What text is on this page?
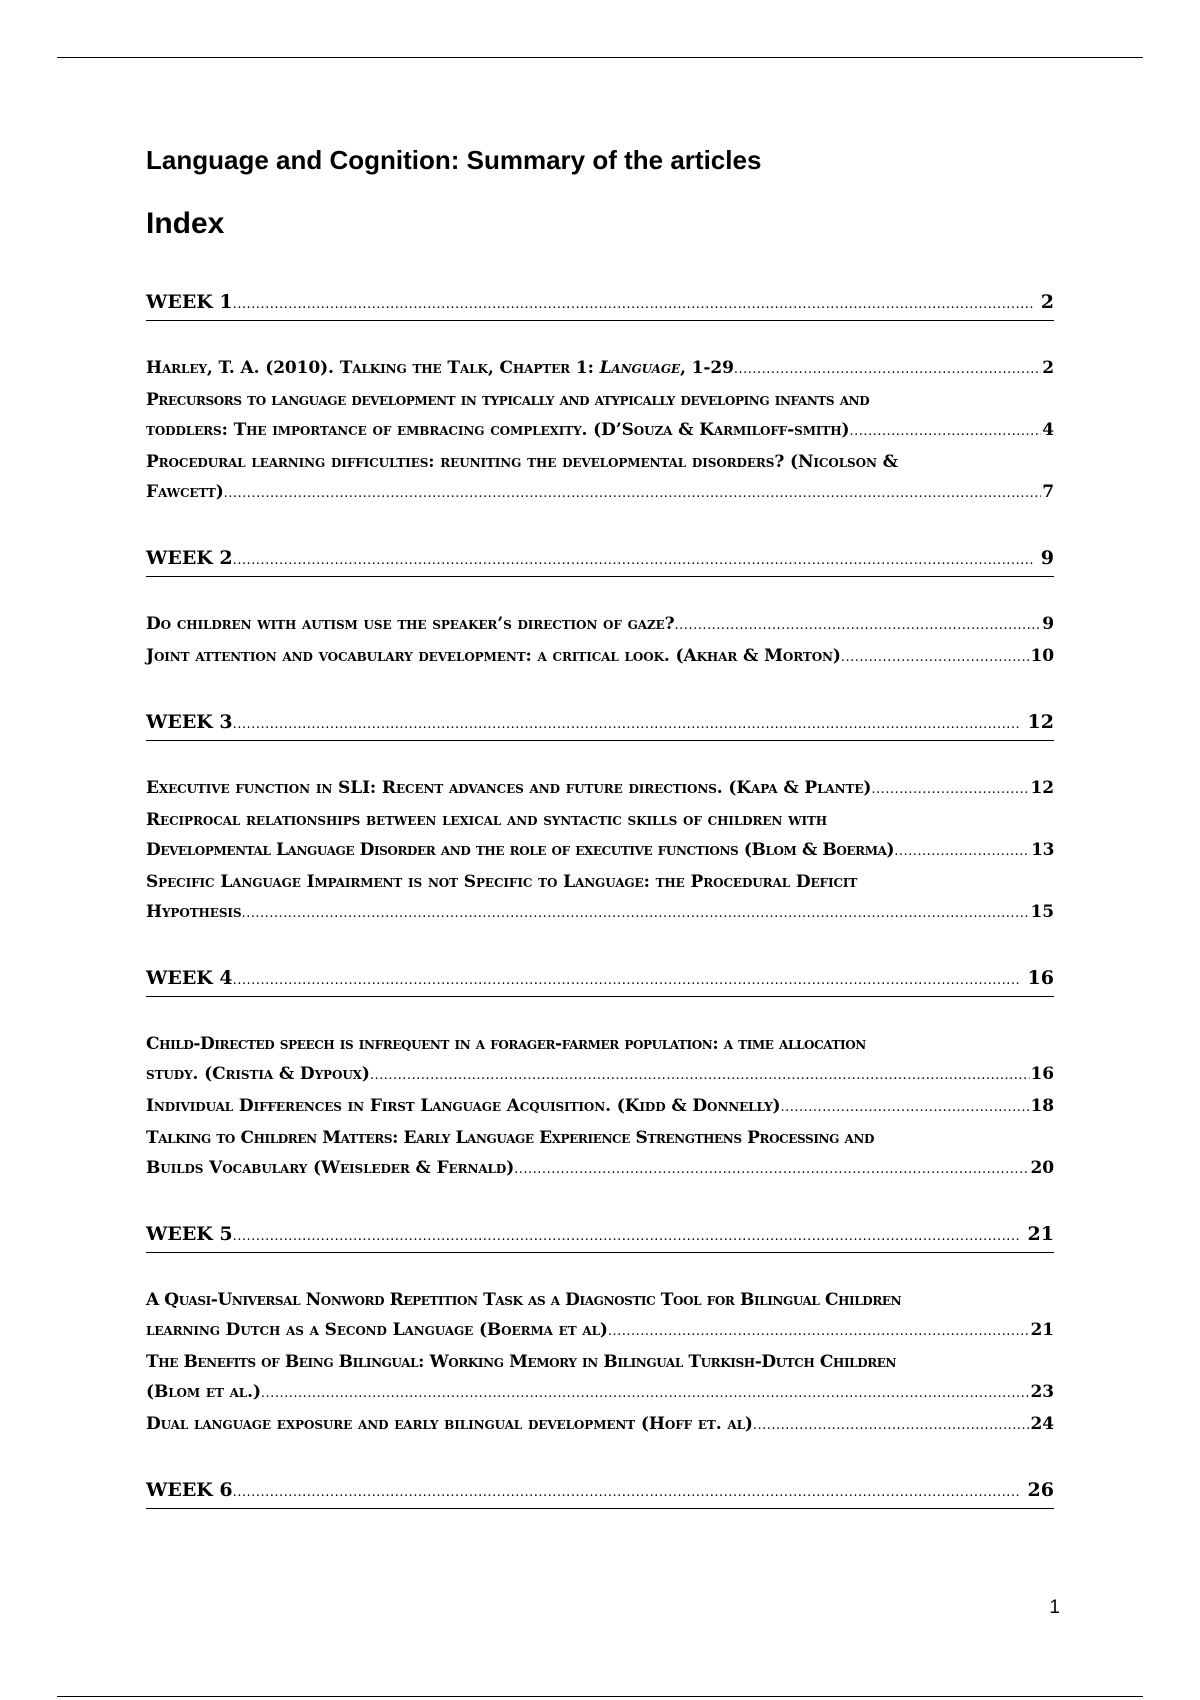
Language and Cognition: Summary of the articles
Index
WEEK 1 .....	2
Harley, T. A. (2010). Talking the Talk, Chapter 1: Language, 1-29 .....	2
Precursors to language development in typically and atypically developing infants and
toddlers: The importance of embracing complexity. (D’Souza & Karmiloff-smith) .....	4
Procedural learning difficulties: reuniting the developmental disorders? (Nicolson &
Fawcett) .....	7
WEEK 2 .....	9
Do children with autism use the speaker’s direction of gaze? .....	9
Joint attention and vocabulary development: a critical look. (Akhar & Morton) .....	10
WEEK 3 .....	12
Executive function in SLI: Recent advances and future directions. (Kapa & Plante) .....	12
Reciprocal relationships between lexical and syntactic skills of children with
Developmental Language Disorder and the role of executive functions (Blom & Boerma) .....	13
Specific Language Impairment is not Specific to Language: the Procedural Deficit
Hypothesis .....	15
WEEK 4 .....	16
Child-Directed speech is infrequent in a forager-farmer population: a time allocation
study. (Cristia & Dypoux) .....	16
Individual Differences in First Language Acquisition. (Kidd & Donnelly) .....	18
Talking to Children Matters: Early Language Experience Strengthens Processing and
Builds Vocabulary (Weisleder & Fernald) .....	20
WEEK 5 .....	21
A Quasi-Universal Nonword Repetition Task as a Diagnostic Tool for Bilingual Children
learning Dutch as a Second Language (Boerma et al) .....	21
The Benefits of Being Bilingual: Working Memory in Bilingual Turkish-Dutch Children
(Blom et al.) .....	23
Dual language exposure and early bilingual development (Hoff et. al) .....	24
WEEK 6 .....	26
1
